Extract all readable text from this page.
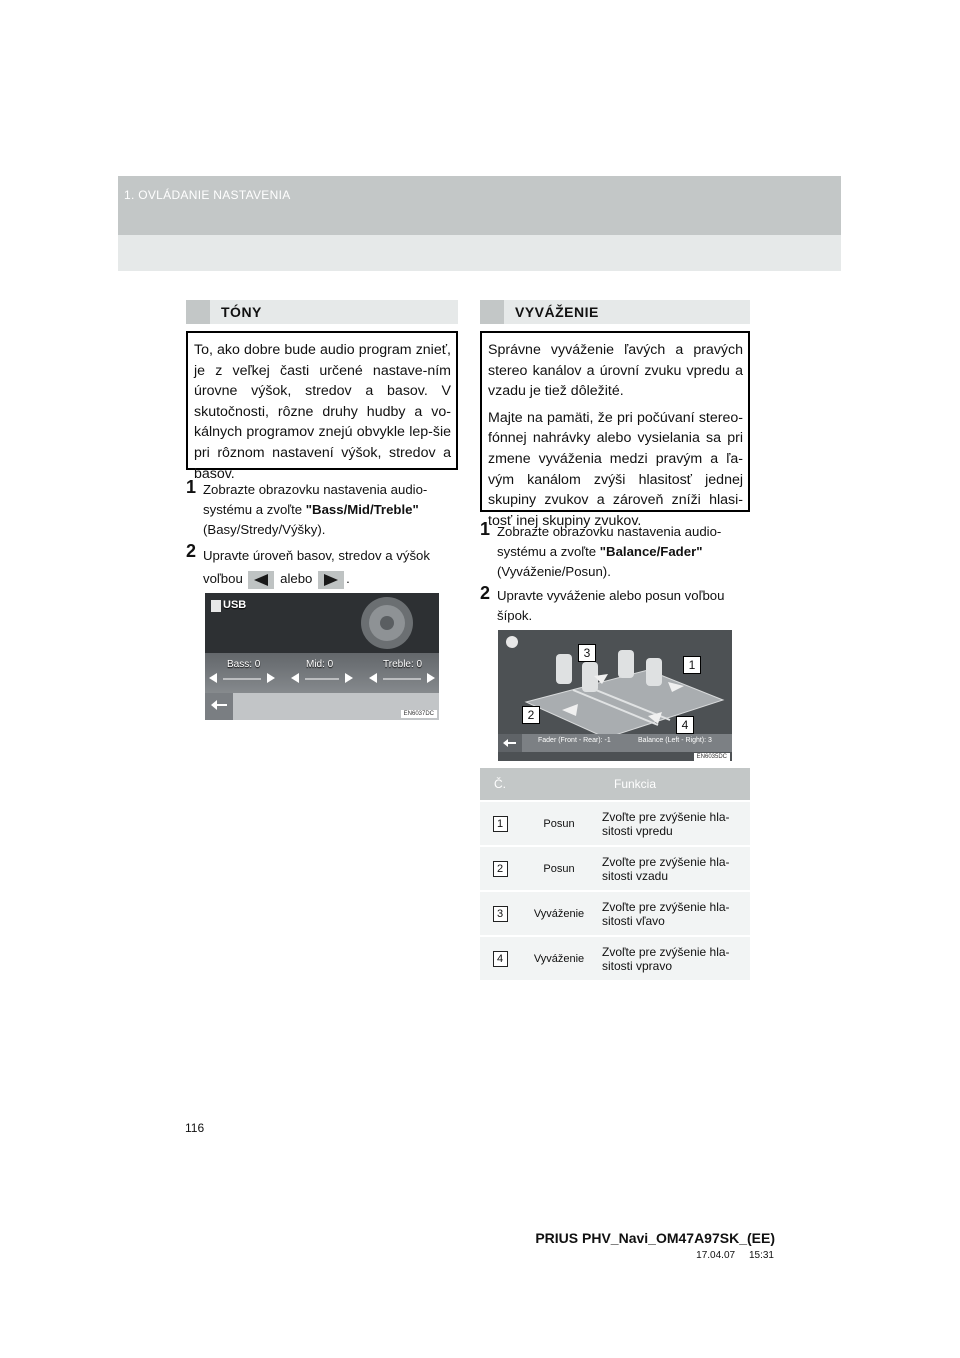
1. OVLÁDANIE NASTAVENIA
TÓNY

To, ako dobre bude audio program znieť, je z veľkej časti určené nastave-ním úrovne výšok, stredov a basov. V skutočnosti, rôzne druhy hudby a vo-kálnych programov znejú obvykle lep-šie pri rôznom nastavení výšok, stredov a basov.

1 Zobrazte obrazovku nastavenia audio-systému a zvoľte "Bass/Mid/Treble"
(Basy/Stredy/Výšky).
2 Upravte úroveň basov, stredov a výšok
voľbou	alebo	.
USB
Bass: 0	Mid: 0	Treble: 0
EN6037DC
VYVÁŽENIE

Správne vyváženie ľavých a pravých stereo kanálov a úrovní zvuku vpredu a vzadu je tiež dôležité.

Majte na pamäti, že pri počúvaní stereo-fónnej nahrávky alebo vysielania sa pri zmene vyváženia medzi pravým a ľa-vým kanálom zvýši hlasitosť jednej skupiny zvukov a zároveň zníži hlasi-tosť inej skupiny zvukov.

1 Zobrazte obrazovku nastavenia audio-systému a zvoľte "Balance/Fader"
(Vyváženie/Posun).
2 Upravte vyváženie alebo posun voľbou šípok.
3
1
2
4
Fader (Front - Rear): -1	Balance (Left - Right): 3
EN6035DC
Č.	Funkcia	
1	Posun	Zvoľte pre zvýšenie hla-sitosti vpredu
2	Posun	Zvoľte pre zvýšenie hla-sitosti vzadu
3	Vyváženie	Zvoľte pre zvýšenie hla-sitosti vľavo
4	Vyváženie	Zvoľte pre zvýšenie hla-sitosti vpravo
116
PRIUS PHV_Navi_OM47A97SK_(EE)
17.04.07     15:31
